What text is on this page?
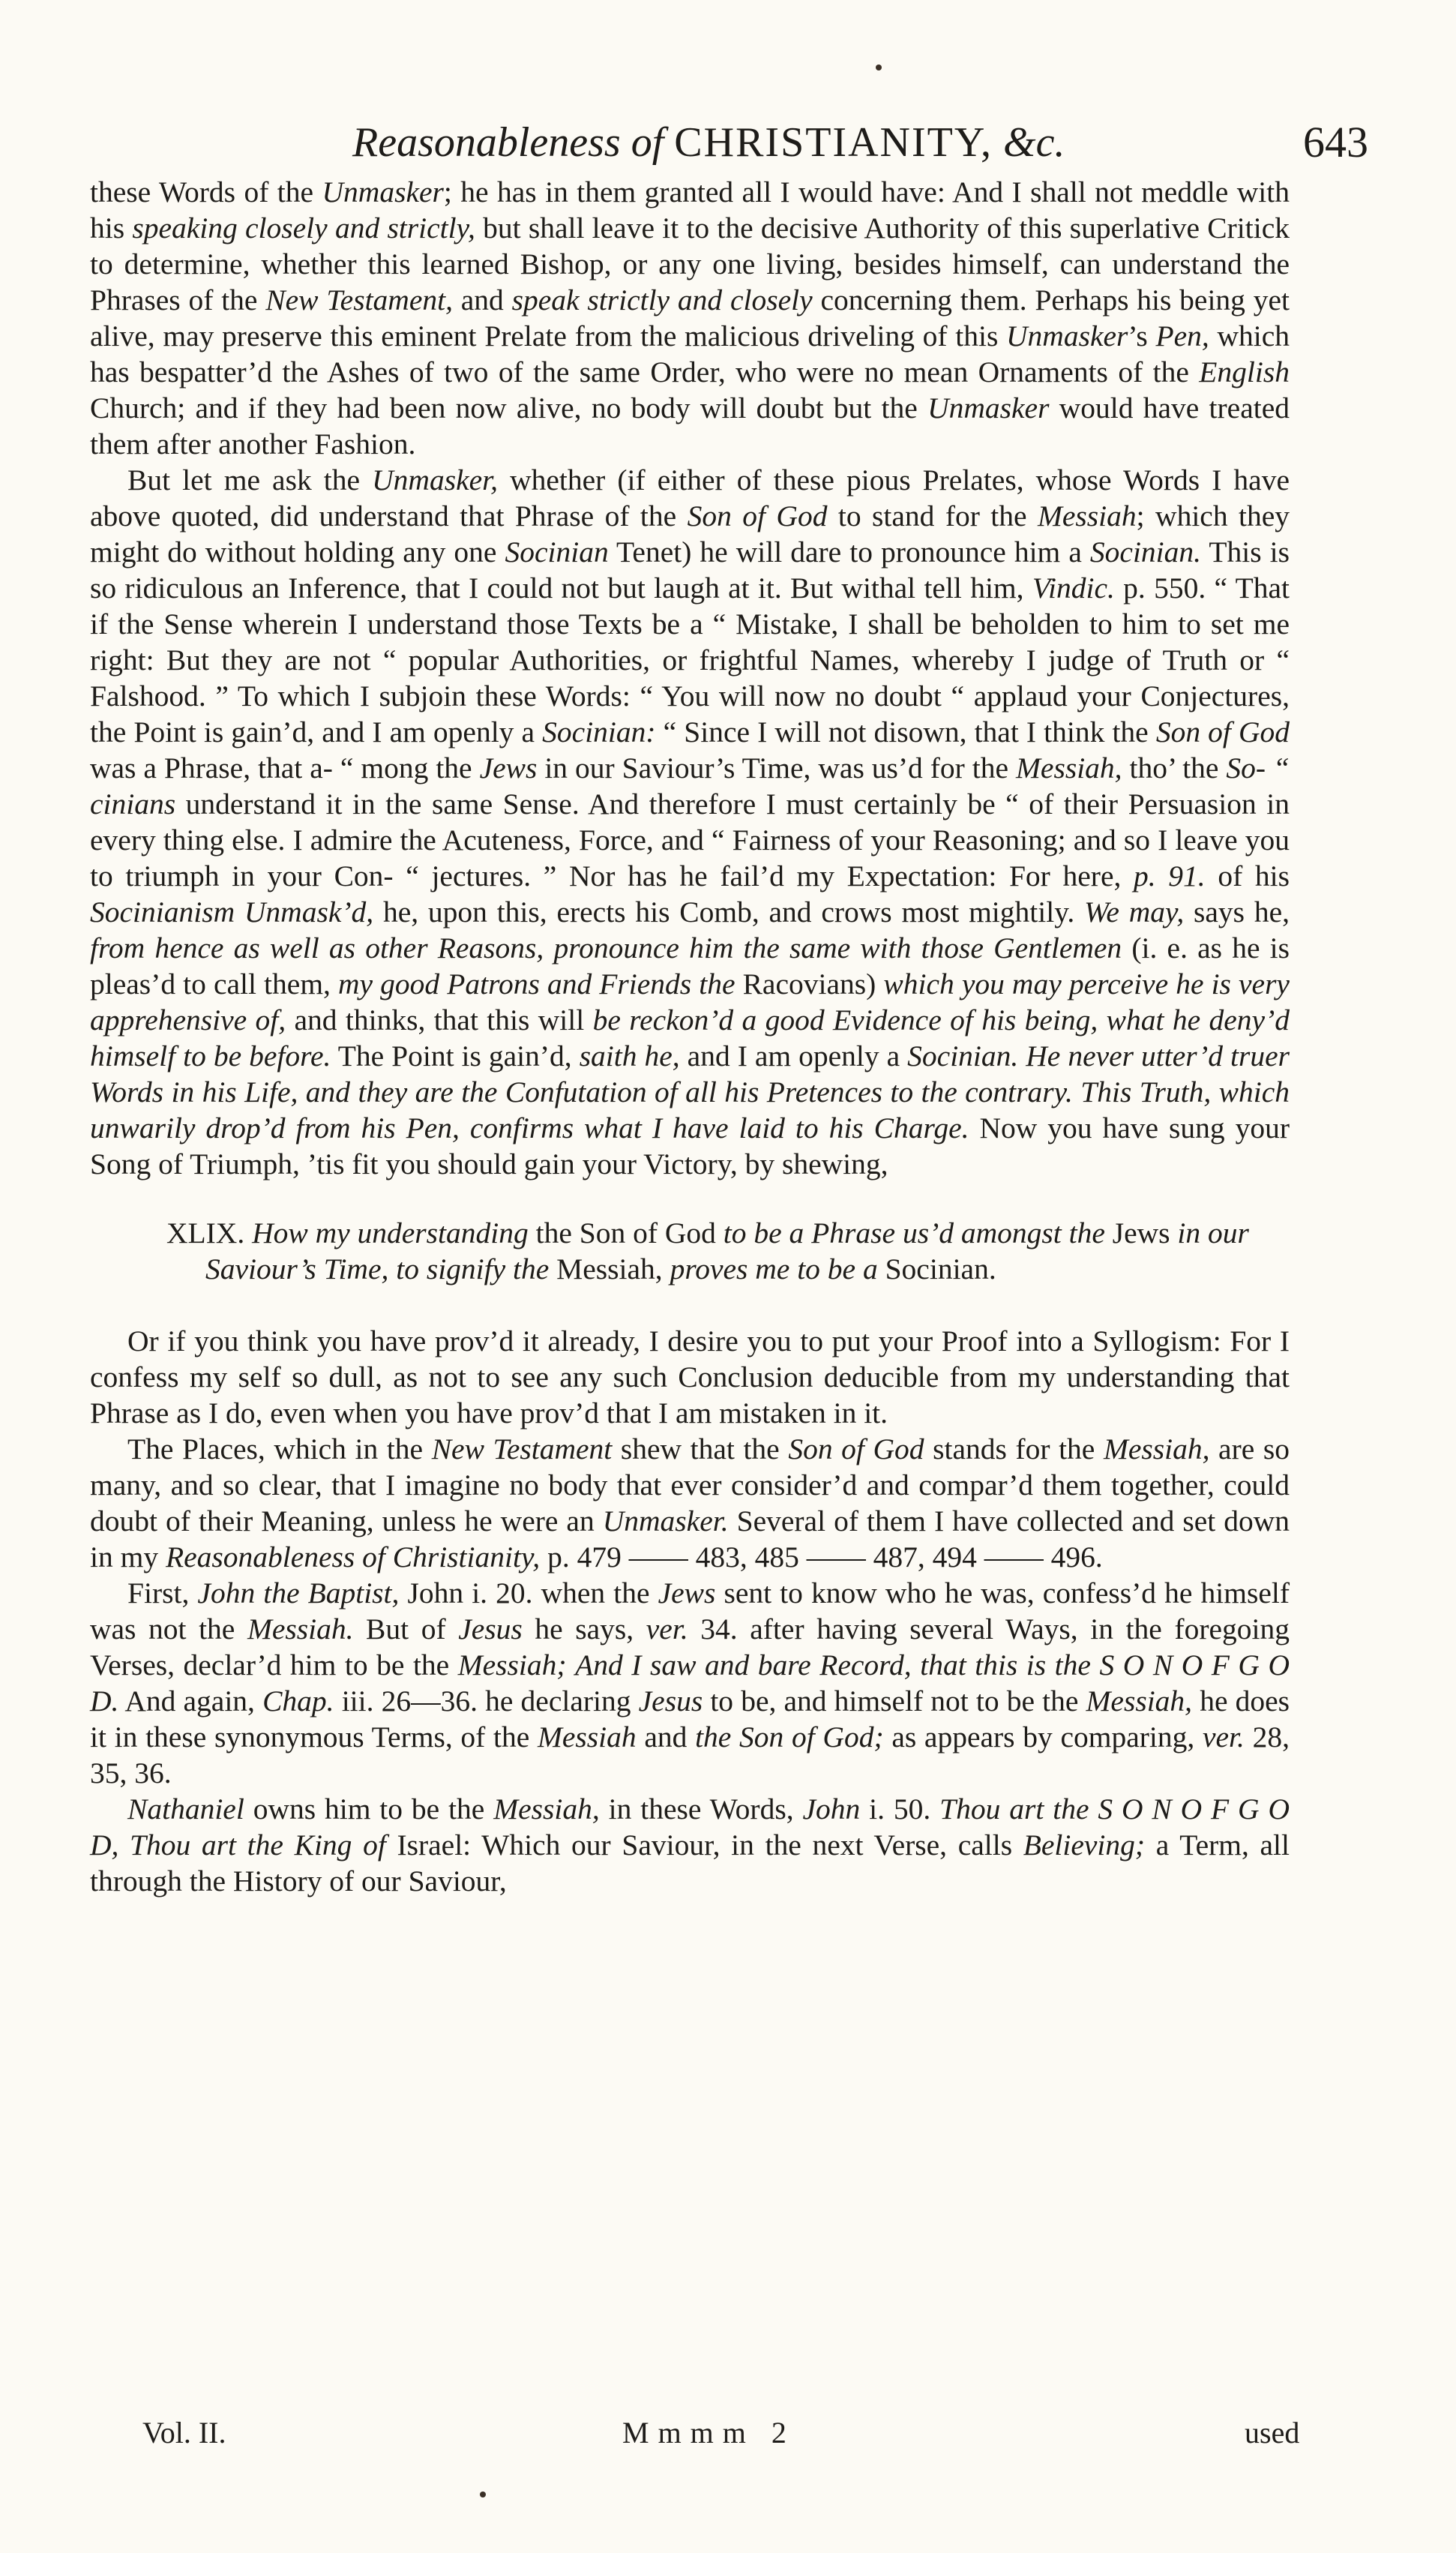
Reasonableness of CHRISTIANITY, &c.	643

these Words of the Unmasker; he has in them granted all I would have: And I shall not meddle with his speaking closely and strictly, but shall leave it to the decisive Authority of this superlative Critick to determine, whether this learned Bishop, or any one living, besides himself, can understand the Phrases of the New Testament, and speak strictly and closely concerning them. Perhaps his being yet alive, may preserve this eminent Prelate from the malicious driveling of this Unmasker’s Pen, which has bespatter’d the Ashes of two of the same Order, who were no mean Ornaments of the English Church; and if they had been now alive, no body will doubt but the Unmasker would have treated them after another Fashion.

But let me ask the Unmasker, whether (if either of these pious Prelates, whose Words I have above quoted, did understand that Phrase of the Son of God to stand for the Messiah; which they might do without holding any one Socinian Tenet) he will dare to pronounce him a Socinian. This is so ridiculous an Inference, that I could not but laugh at it. But withal tell him, Vindic. p. 550. “ That if the Sense wherein I understand those Texts be a “ Mistake, I shall be beholden to him to set me right: But they are not “ popular Authorities, or frightful Names, whereby I judge of Truth or “ Falshood. ” To which I subjoin these Words: “ You will now no doubt “ applaud your Conjectures, the Point is gain’d, and I am openly a Socinian: “ Since I will not disown, that I think the Son of God was a Phrase, that a- “ mong the Jews in our Saviour’s Time, was us’d for the Messiah, tho’ the So- “ cinians understand it in the same Sense. And therefore I must certainly be “ of their Persuasion in every thing else. I admire the Acuteness, Force, and “ Fairness of your Reasoning; and so I leave you to triumph in your Con- “ jectures. ” Nor has he fail’d my Expectation: For here, p. 91. of his Socinianism Unmask’d, he, upon this, erects his Comb, and crows most mightily. We may, says he, from hence as well as other Reasons, pronounce him the same with those Gentlemen (i. e. as he is pleas’d to call them, my good Patrons and Friends the Racovians) which you may perceive he is very apprehensive of, and thinks, that this will be reckon’d a good Evidence of his being, what he deny’d himself to be before. The Point is gain’d, saith he, and I am openly a Socinian. He never utter’d truer Words in his Life, and they are the Confutation of all his Pretences to the contrary. This Truth, which unwarily drop’d from his Pen, confirms what I have laid to his Charge. Now you have sung your Song of Triumph, ’tis fit you should gain your Victory, by shewing,

XLIX. How my understanding the Son of God to be a Phrase us’d amongst the Jews in our Saviour’s Time, to signify the Messiah, proves me to be a Socinian.

Or if you think you have prov’d it already, I desire you to put your Proof into a Syllogism: For I confess my self so dull, as not to see any such Conclusion deducible from my understanding that Phrase as I do, even when you have prov’d that I am mistaken in it.

The Places, which in the New Testament shew that the Son of God stands for the Messiah, are so many, and so clear, that I imagine no body that ever consider’d and compar’d them together, could doubt of their Meaning, unless he were an Unmasker. Several of them I have collected and set down in my Reasonableness of Christianity, p. 479 —— 483, 485 —— 487, 494 —— 496.

First, John the Baptist, John i. 20. when the Jews sent to know who he was, confess’d he himself was not the Messiah. But of Jesus he says, ver. 34. after having several Ways, in the foregoing Verses, declar’d him to be the Messiah; And I saw and bare Record, that this is the S O N O F G O D. And again, Chap. iii. 26—36. he declaring Jesus to be, and himself not to be the Messiah, he does it in these synonymous Terms, of the Messiah and the Son of God; as appears by comparing, ver. 28, 35, 36.

Nathaniel owns him to be the Messiah, in these Words, John i. 50. Thou art the S O N O F G O D, Thou art the King of Israel: Which our Saviour, in the next Verse, calls Believing; a Term, all through the History of our Saviour,

Vol. II.	Mmmm 2	used
